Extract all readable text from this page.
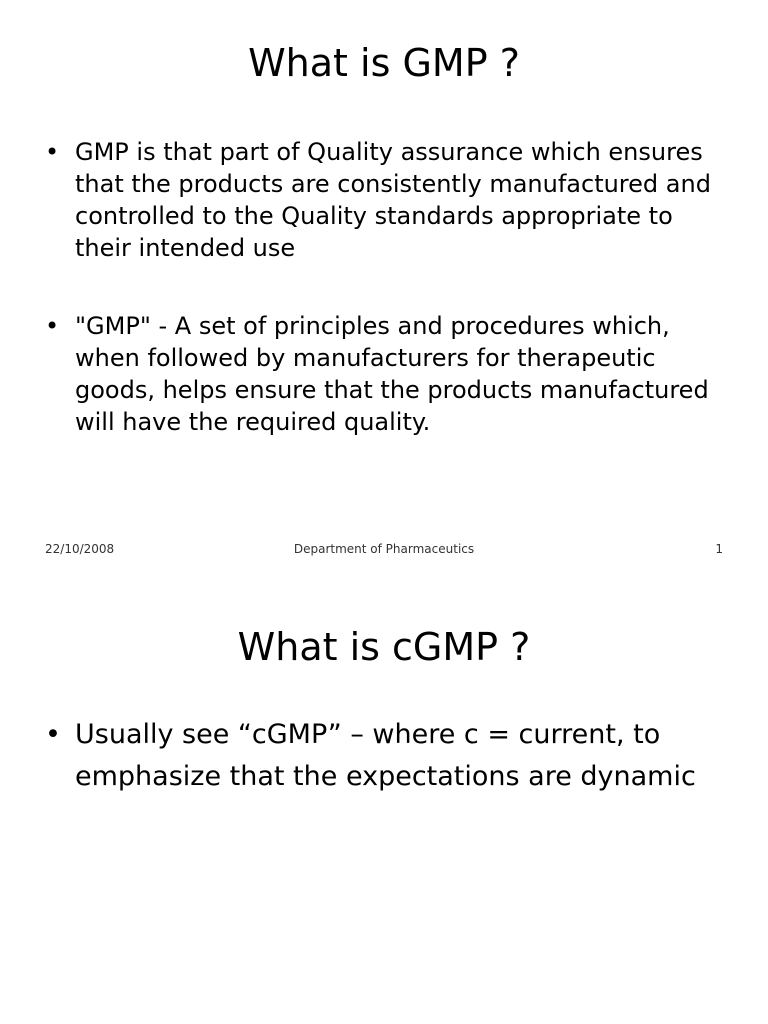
What is GMP ?
• GMP is that part of Quality assurance which ensures that the products are consistently manufactured and controlled to the Quality standards appropriate to their intended use
• "GMP" - A set of principles and procedures which, when followed by manufacturers for therapeutic goods, helps ensure that the products manufactured will have the required quality.
22/10/2008	Department of Pharmaceutics	1
What is cGMP ?
• Usually see “cGMP” – where c = current, to emphasize that the expectations are dynamic
